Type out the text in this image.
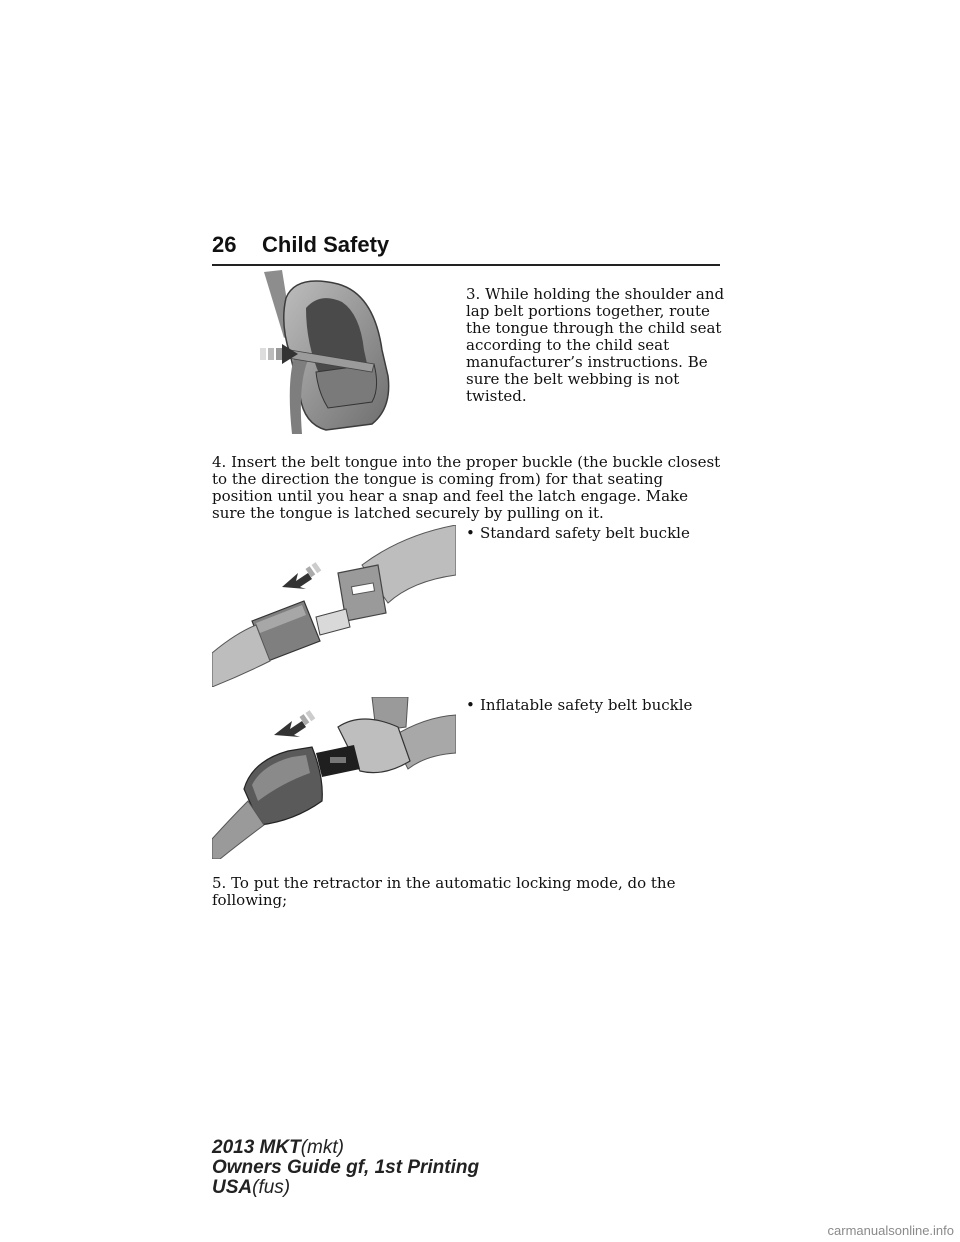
26 Child Safety
3. While holding the shoulder and lap belt portions together, route the tongue through the child seat according to the child seat manufacturer’s instructions. Be sure the belt webbing is not twisted.
4. Insert the belt tongue into the proper buckle (the buckle closest to the direction the tongue is coming from) for that seating position until you hear a snap and feel the latch engage. Make sure the tongue is latched securely by pulling on it.
• Standard safety belt buckle
• Inflatable safety belt buckle
5. To put the retractor in the automatic locking mode, do the following;
2013 MKT(mkt)
Owners Guide gf, 1st Printing
USA(fus)
carmanualsonline.info
